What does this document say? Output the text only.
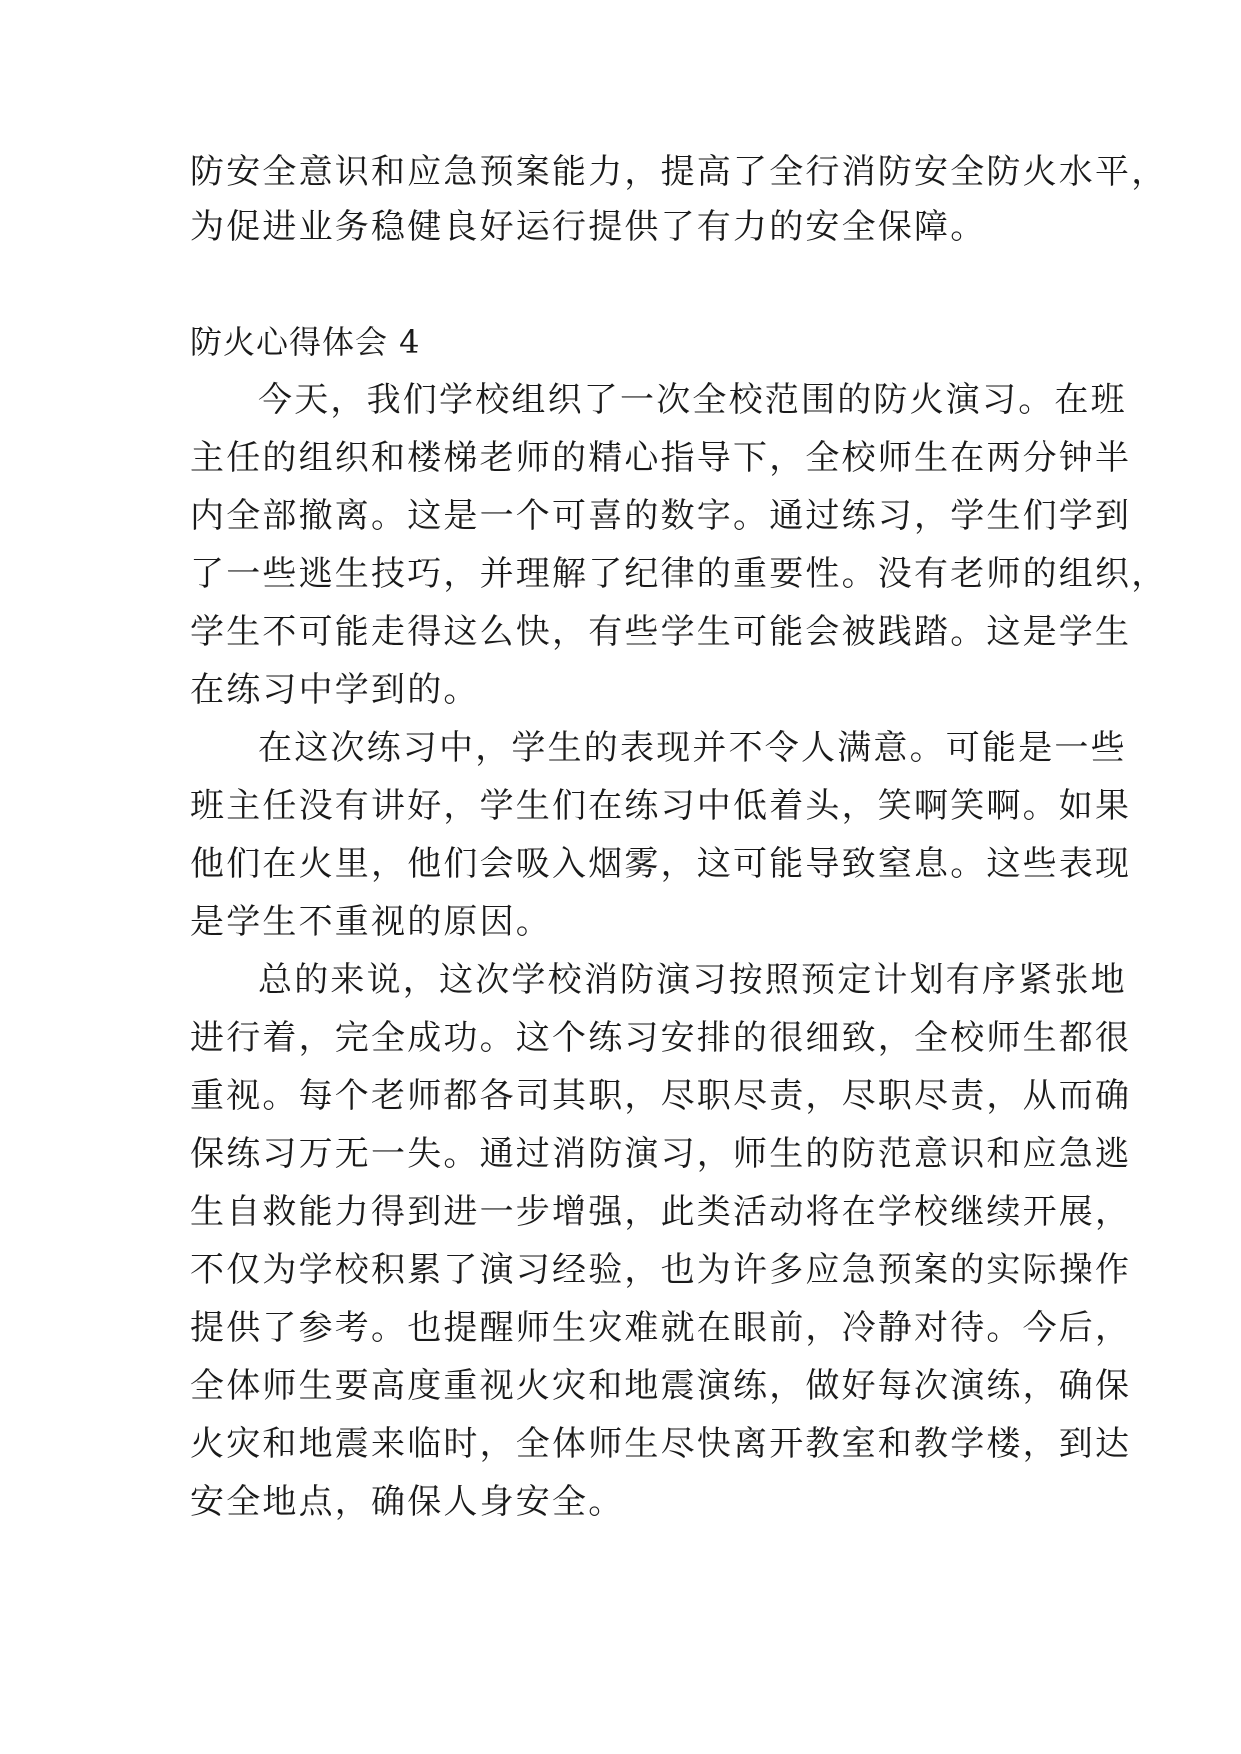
防安全意识和应急预案能力，提高了全行消防安全防火水平，
为促进业务稳健良好运行提供了有力的安全保障。
防火心得体会 4
今天，我们学校组织了一次全校范围的防火演习。在班
主任的组织和楼梯老师的精心指导下，全校师生在两分钟半
内全部撤离。这是一个可喜的数字。通过练习，学生们学到
了一些逃生技巧，并理解了纪律的重要性。没有老师的组织，
学生不可能走得这么快，有些学生可能会被践踏。这是学生
在练习中学到的。
在这次练习中，学生的表现并不令人满意。可能是一些
班主任没有讲好，学生们在练习中低着头，笑啊笑啊。如果
他们在火里，他们会吸入烟雾，这可能导致窒息。这些表现
是学生不重视的原因。
总的来说，这次学校消防演习按照预定计划有序紧张地
进行着，完全成功。这个练习安排的很细致，全校师生都很
重视。每个老师都各司其职，尽职尽责，尽职尽责，从而确
保练习万无一失。通过消防演习，师生的防范意识和应急逃
生自救能力得到进一步增强，此类活动将在学校继续开展，
不仅为学校积累了演习经验，也为许多应急预案的实际操作
提供了参考。也提醒师生灾难就在眼前，冷静对待。今后，
全体师生要高度重视火灾和地震演练，做好每次演练，确保
火灾和地震来临时，全体师生尽快离开教室和教学楼，到达
安全地点，确保人身安全。
